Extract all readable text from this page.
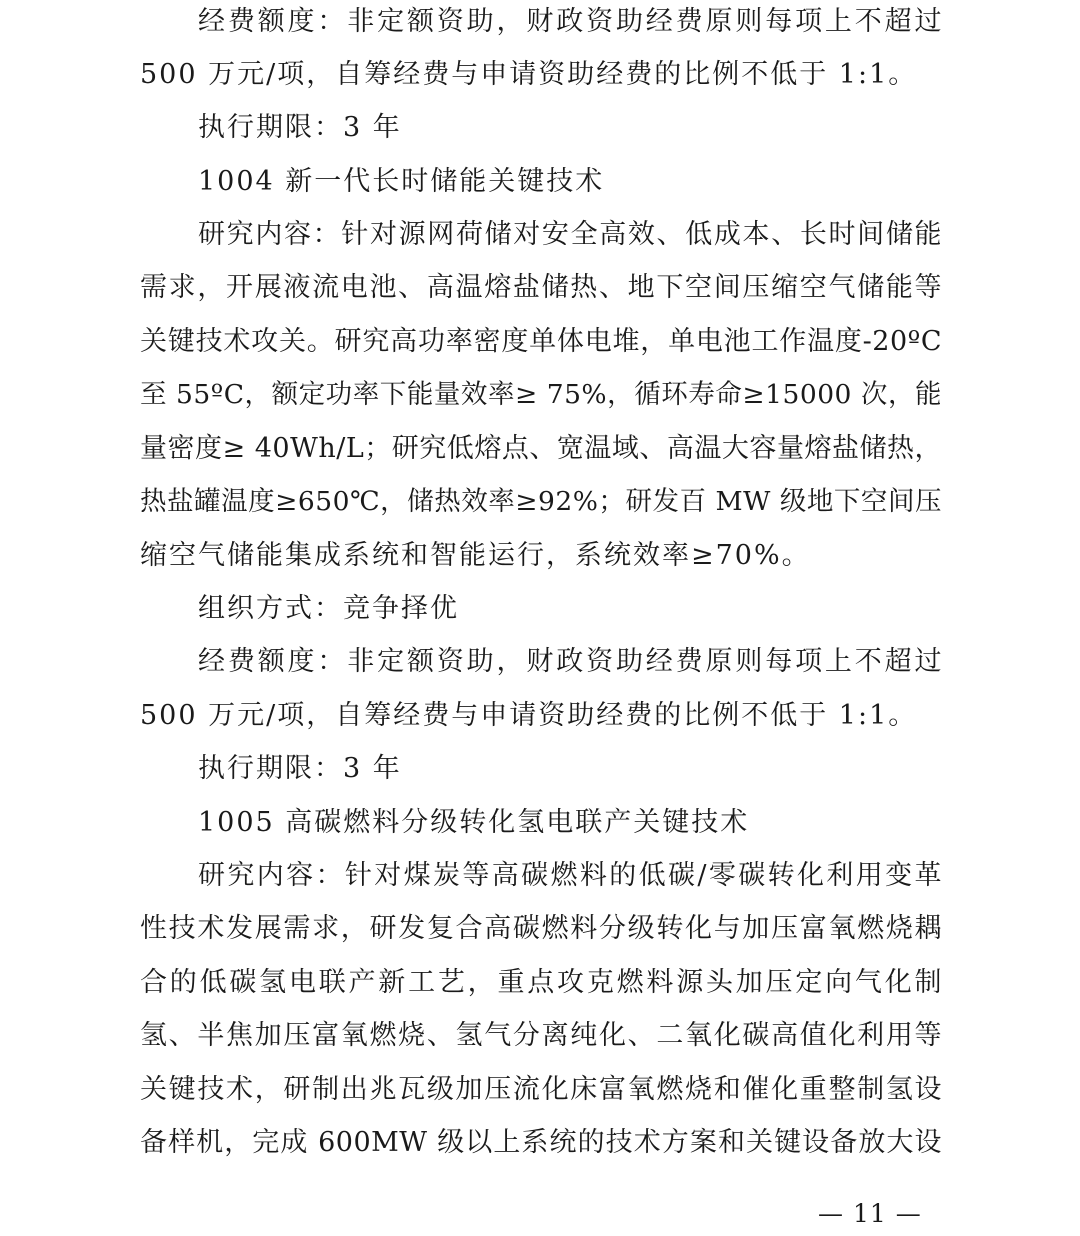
经费额度：非定额资助，财政资助经费原则每项上不超过
500 万元/项，自筹经费与申请资助经费的比例不低于 1:1。
执行期限：3 年
1004 新一代长时储能关键技术
研究内容：针对源网荷储对安全高效、低成本、长时间储能
需求，开展液流电池、高温熔盐储热、地下空间压缩空气储能等
关键技术攻关。研究高功率密度单体电堆，单电池工作温度-20ºC
至 55ºC，额定功率下能量效率≥ 75%，循环寿命≥15000 次，能
量密度≥ 40Wh/L；研究低熔点、宽温域、高温大容量熔盐储热，
热盐罐温度≥650℃，储热效率≥92%；研发百 MW 级地下空间压
缩空气储能集成系统和智能运行，系统效率≥70%。
组织方式：竞争择优
经费额度：非定额资助，财政资助经费原则每项上不超过
500 万元/项，自筹经费与申请资助经费的比例不低于 1:1。
执行期限：3 年
1005 高碳燃料分级转化氢电联产关键技术
研究内容：针对煤炭等高碳燃料的低碳/零碳转化利用变革
性技术发展需求，研发复合高碳燃料分级转化与加压富氧燃烧耦
合的低碳氢电联产新工艺，重点攻克燃料源头加压定向气化制
氢、半焦加压富氧燃烧、氢气分离纯化、二氧化碳高值化利用等
关键技术，研制出兆瓦级加压流化床富氧燃烧和催化重整制氢设
备样机，完成 600MW 级以上系统的技术方案和关键设备放大设
— 11 —
